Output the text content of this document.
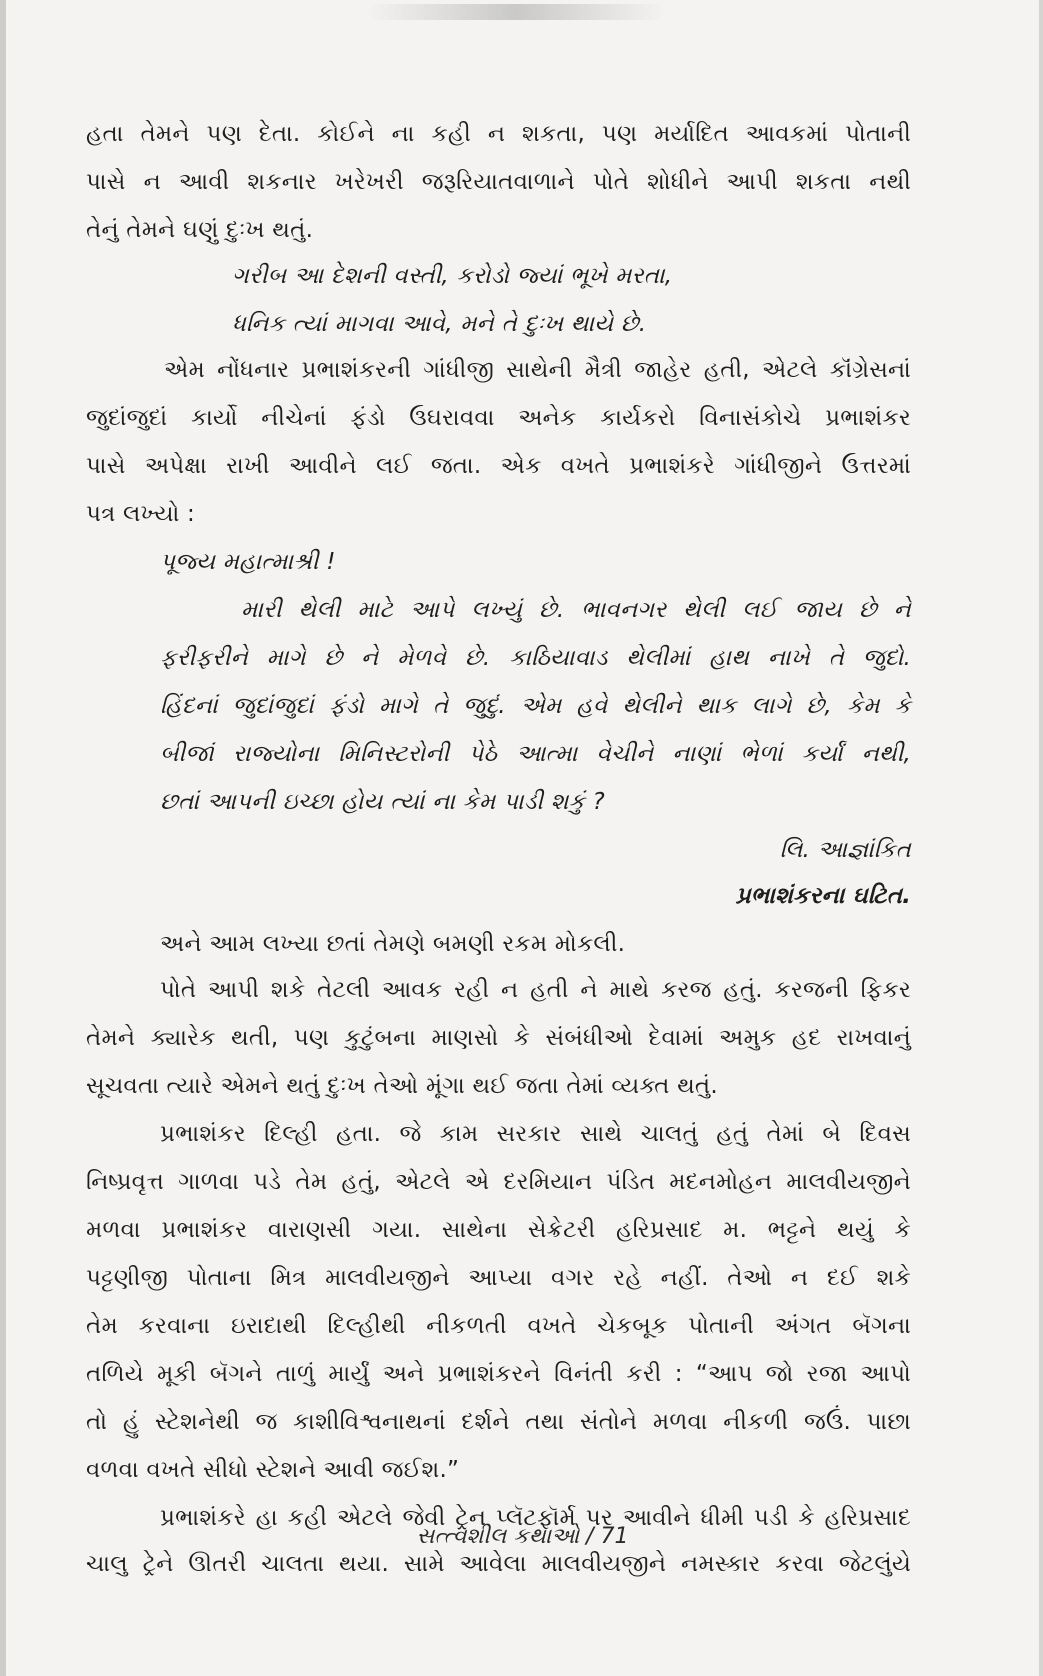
હતા તેમને પણ દેતા. કોઈને ના કહી ન શકતા, પણ મર્યાદિત આવકમાં પોતાની
પાસે ન આવી શકનાર ખરેખરી જરૂરિયાતવાળાને પોતે શોધીને આપી શકતા નથી
તેનું તેમને ઘણું દુઃખ થતું.
ગરીબ આ દેશની વસ્તી, કરોડો જ્યાં ભૂખે મરતા,
ધનિક ત્યાં માગવા આવે, મને તે દુઃખ થાયે છે.
એમ નોંધનાર પ્રભાશંકરની ગાંધીજી સાથેની મૈત્રી જાહેર હતી, એટલે કૉંગ્રેસનાં
જુદાંજુદાં કાર્યો નીચેનાં ફંડો ઉઘરાવવા અનેક કાર્યકરો વિનાસંકોચે પ્રભાશંકર
પાસે અપેક્ષા રાખી આવીને લઈ જતા. એક વખતે પ્રભાશંકરે ગાંધીજીને ઉત્તરમાં
પત્ર લખ્યો :
પૂજ્ય મહાત્માશ્રી !
મારી થેલી માટે આપે લખ્યું છે. ભાવનગર થેલી લઈ જાય છે ને
ફરીફરીને માગે છે ને મેળવે છે. કાઠિયાવાડ થેલીમાં હાથ નાખે તે જુદો.
હિંદનાં જુદાંજુદાં ફંડો માગે તે જુદું. એમ હવે થેલીને થાક લાગે છે, કેમ કે
બીજાં રાજ્યોના મિનિસ્ટરોની પેઠે આત્મા વેચીને નાણાં ભેળાં કર્યાં નથી,
છતાં આપની ઇચ્છા હોય ત્યાં ના કેમ પાડી શકું ?
લિ. આજ્ઞાંકિત
પ્રભાશંકરના ઘટિત.
અને આમ લખ્યા છતાં તેમણે બમણી રકમ મોકલી.
પોતે આપી શકે તેટલી આવક રહી ન હતી ને માથે કરજ હતું. કરજની ફિકર
તેમને ક્યારેક થતી, પણ કુટુંબના માણસો કે સંબંધીઓ દેવામાં અમુક હદ રાખવાનું
સૂચવતા ત્યારે એમને થતું દુઃખ તેઓ મૂંગા થઈ જતા તેમાં વ્યક્ત થતું.
પ્રભાશંકર દિલ્હી હતા. જે કામ સરકાર સાથે ચાલતું હતું તેમાં બે દિવસ
નિષ્પ્રવૃત્ત ગાળવા પડે તેમ હતું, એટલે એ દરમિયાન પંડિત મદનમોહન માલવીયજીને
મળવા પ્રભાશંકર વારાણસી ગયા. સાથેના સેક્રેટરી હરિપ્રસાદ મ. ભટ્ટને થયું કે
પટ્ટણીજી પોતાના મિત્ર માલવીયજીને આપ્યા વગર રહે નહીં. તેઓ ન દઈ શકે
તેમ કરવાના ઇરાદાથી દિલ્હીથી નીકળતી વખતે ચેકબૂક પોતાની અંગત બૅગના
તળિયે મૂકી બૅગને તાળું માર્યું અને પ્રભાશંકરને વિનંતી કરી : “આપ જો રજા આપો
તો હું સ્ટેશનેથી જ કાશીવિશ્વનાથનાં દર્શને તથા સંતોને મળવા નીકળી જઉં. પાછા
વળવા વખતે સીધો સ્ટેશને આવી જઈશ.”
પ્રભાશંકરે હા કહી એટલે જેવી ટ્રેન પ્લૅટફૉર્મ પર આવીને ધીમી પડી કે હરિપ્રસાદ
ચાલુ ટ્રેને ઊતરી ચાલતા થયા. સામે આવેલા માલવીયજીને નમસ્કાર કરવા જેટલુંયે
સત્ત્વશીલ કથાઓ / 71
